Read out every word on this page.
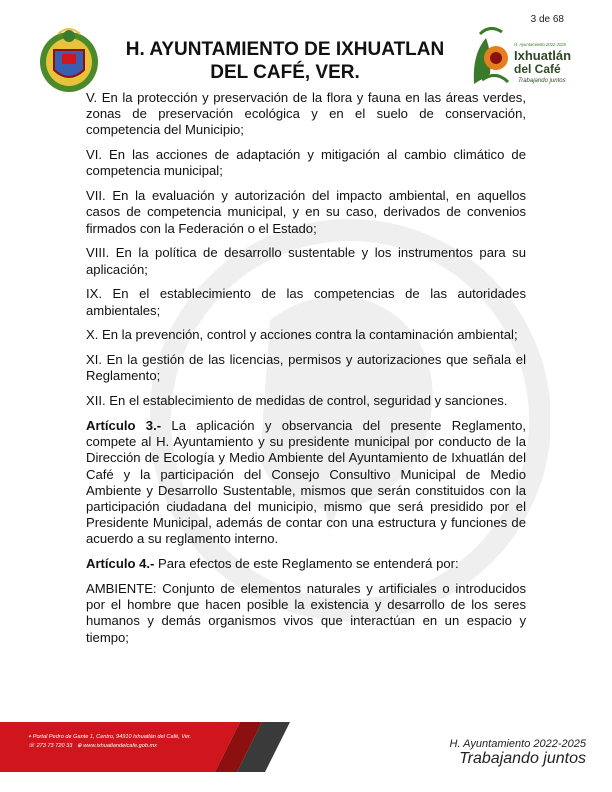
3 de 68
H. AYUNTAMIENTO DE IXHUATLAN
DEL CAFÉ, VER.
H. Ayuntamiento 2022-2025
Ixhuatlán
del Café
Trabajando juntos

V. En la protección y preservación de la flora y fauna en las áreas verdes, zonas de preservación ecológica y en el suelo de conservación, competencia del Municipio;

VI. En las acciones de adaptación y mitigación al cambio climático de competencia municipal;

VII. En la evaluación y autorización del impacto ambiental, en aquellos casos de competencia municipal, y en su caso, derivados de convenios firmados con la Federación o el Estado;

VIII. En la política de desarrollo sustentable y los instrumentos para su aplicación;

IX. En el establecimiento de las competencias de las autoridades ambientales;

X. En la prevención, control y acciones contra la contaminación ambiental;

XI. En la gestión de las licencias, permisos y autorizaciones que señala el Reglamento;

XII. En el establecimiento de medidas de control, seguridad y sanciones.

Artículo 3.- La aplicación y observancia del presente Reglamento, compete al H. Ayuntamiento y su presidente municipal por conducto de la Dirección de Ecología y Medio Ambiente del Ayuntamiento de Ixhuatlán del Café y la participación del Consejo Consultivo Municipal de Medio Ambiente y Desarrollo Sustentable, mismos que serán constituidos con la participación ciudadana del municipio, mismo que será presidido por el Presidente Municipal, además de contar con una estructura y funciones de acuerdo a su reglamento interno.

Artículo 4.- Para efectos de este Reglamento se entenderá por:

AMBIENTE: Conjunto de elementos naturales y artificiales o introducidos por el hombre que hacen posible la existencia y desarrollo de los seres humanos y demás organismos vivos que interactúan en un espacio y tiempo;

⌖ Portal Pedro de Gante 1, Centro, 94910 Ixhuatlán del Café, Ver.
☏ 273 73 720 33 ⊕ www.ixhuatlandelcafe.gob.mx	H. Ayuntamiento 2022-2025
Trabajando juntos
